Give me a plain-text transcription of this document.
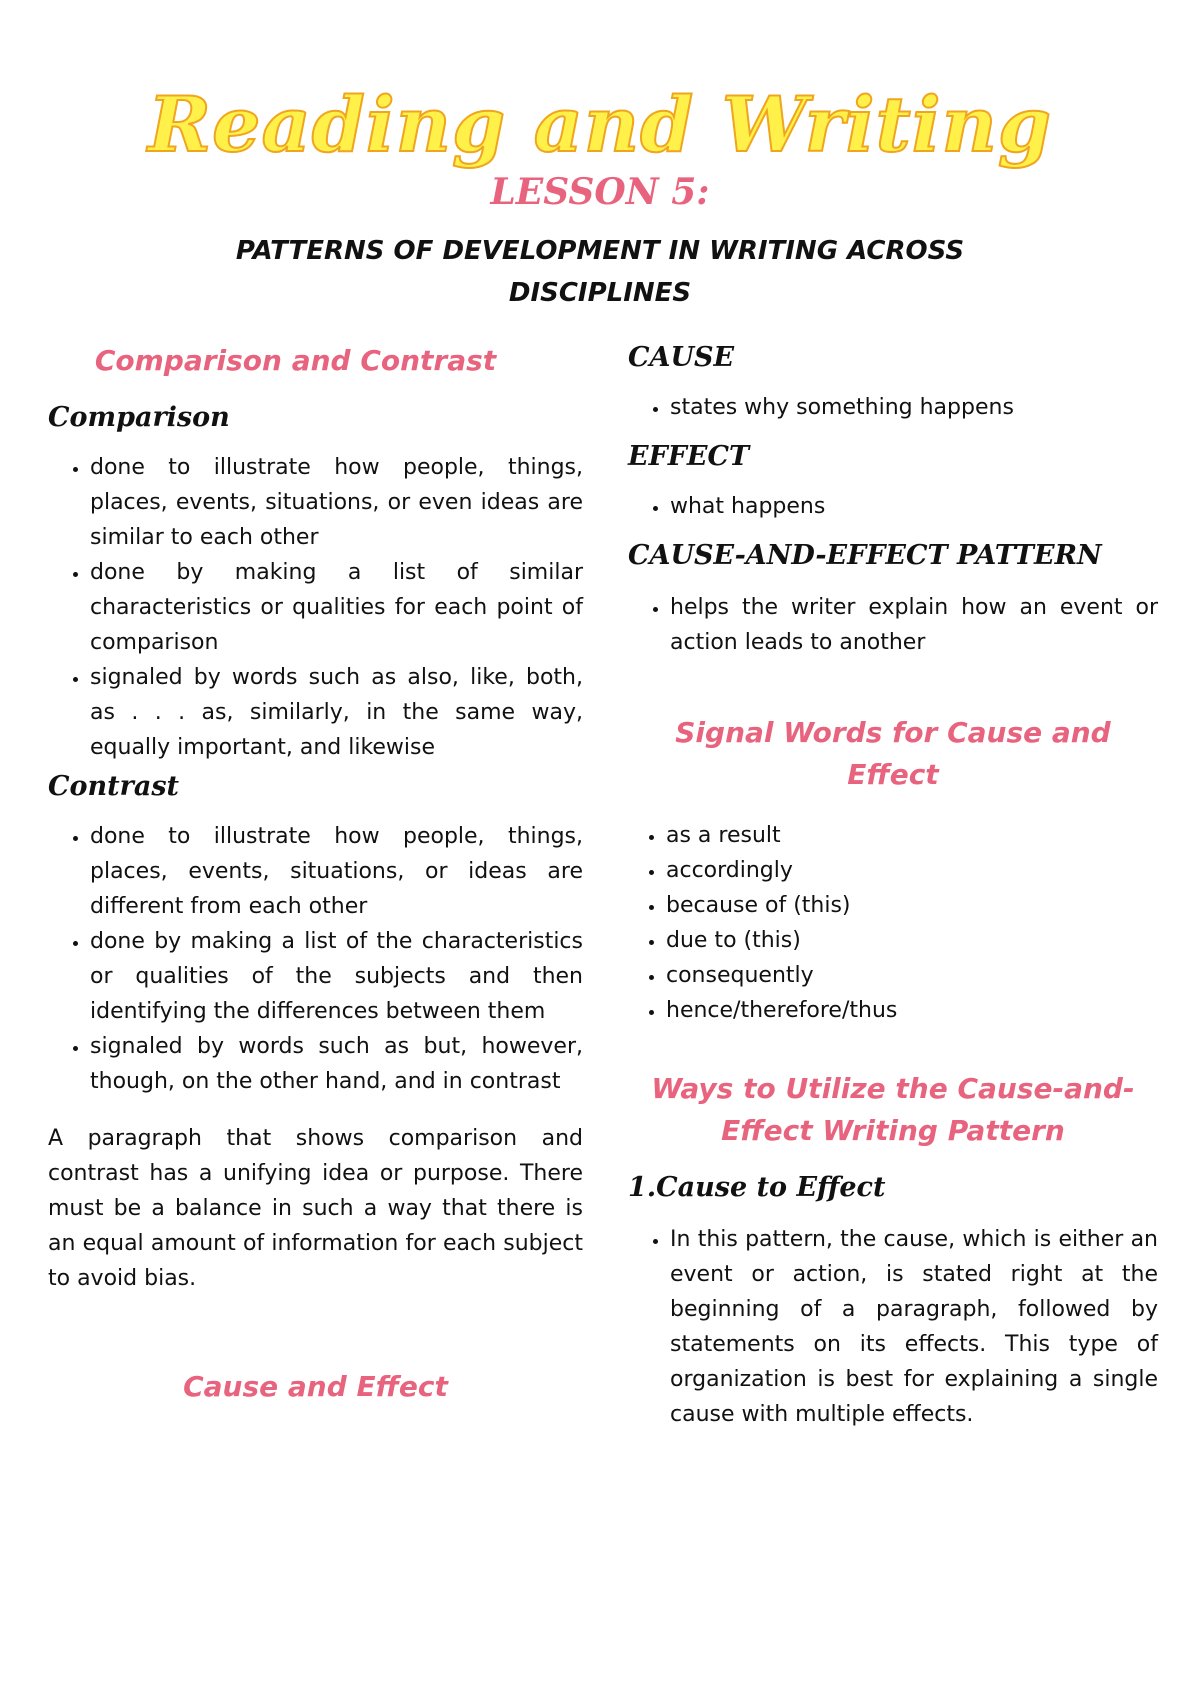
Reading and Writing
LESSON 5:
PATTERNS OF DEVELOPMENT IN WRITING ACROSS DISCIPLINES

Comparison and Contrast

Comparison

• done to illustrate how people, things, places, events, situations, or even ideas are similar to each other
• done by making a list of similar characteristics or qualities for each point of comparison
• signaled by words such as also, like, both, as . . . as, similarly, in the same way, equally important, and likewise

Contrast

• done to illustrate how people, things, places, events, situations, or ideas are different from each other
• done by making a list of the characteristics or qualities of the subjects and then identifying the differences between them
• signaled by words such as but, however, though, on the other hand, and in contrast

A paragraph that shows comparison and contrast has a unifying idea or purpose. There must be a balance in such a way that there is an equal amount of information for each subject to avoid bias.

Cause and Effect

CAUSE

• states why something happens

EFFECT

• what happens

CAUSE-AND-EFFECT PATTERN

• helps the writer explain how an event or action leads to another

Signal Words for Cause and Effect

• as a result
• accordingly
• because of (this)
• due to (this)
• consequently
• hence/therefore/thus

Ways to Utilize the Cause-and-Effect Writing Pattern

1.Cause to Effect

• In this pattern, the cause, which is either an event or action, is stated right at the beginning of a paragraph, followed by statements on its effects. This type of organization is best for explaining a single cause with multiple effects.
